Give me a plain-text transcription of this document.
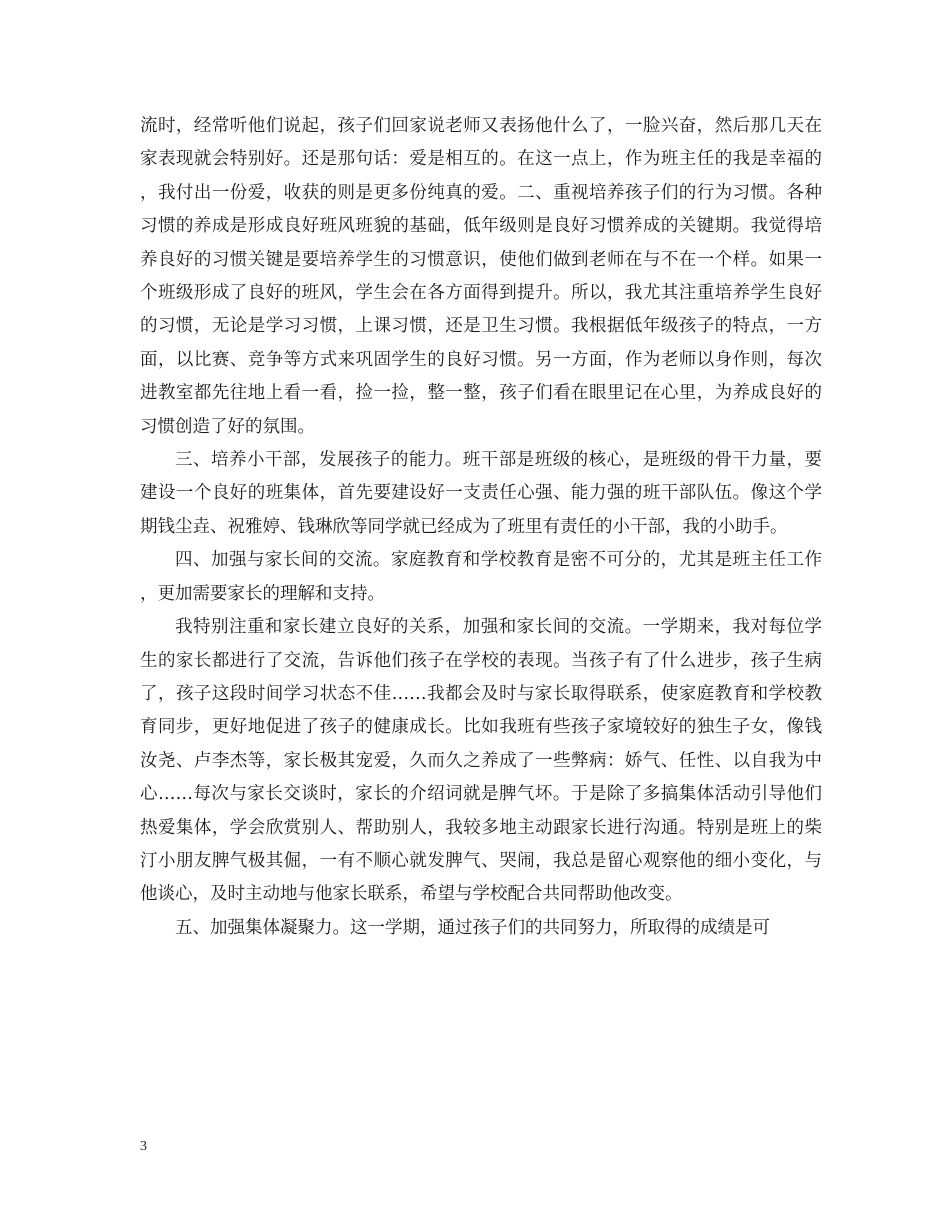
流时，经常听他们说起，孩子们回家说老师又表扬他什么了，一脸兴奋，然后那几天在家表现就会特别好。还是那句话：爱是相互的。在这一点上，作为班主任的我是幸福的，我付出一份爱，收获的则是更多份纯真的爱。二、重视培养孩子们的行为习惯。各种习惯的养成是形成良好班风班貌的基础，低年级则是良好习惯养成的关键期。我觉得培养良好的习惯关键是要培养学生的习惯意识，使他们做到老师在与不在一个样。如果一个班级形成了良好的班风，学生会在各方面得到提升。所以，我尤其注重培养学生良好的习惯，无论是学习习惯，上课习惯，还是卫生习惯。我根据低年级孩子的特点，一方面，以比赛、竞争等方式来巩固学生的良好习惯。另一方面，作为老师以身作则，每次进教室都先往地上看一看，捡一捡，整一整，孩子们看在眼里记在心里，为养成良好的习惯创造了好的氛围。

三、培养小干部，发展孩子的能力。班干部是班级的核心，是班级的骨干力量，要建设一个良好的班集体，首先要建设好一支责任心强、能力强的班干部队伍。像这个学期钱尘垚、祝雅婷、钱琳欣等同学就已经成为了班里有责任的小干部，我的小助手。

四、加强与家长间的交流。家庭教育和学校教育是密不可分的，尤其是班主任工作，更加需要家长的理解和支持。

我特别注重和家长建立良好的关系，加强和家长间的交流。一学期来，我对每位学生的家长都进行了交流，告诉他们孩子在学校的表现。当孩子有了什么进步，孩子生病了，孩子这段时间学习状态不佳……我都会及时与家长取得联系，使家庭教育和学校教育同步，更好地促进了孩子的健康成长。比如我班有些孩子家境较好的独生子女，像钱汝尧、卢李杰等，家长极其宠爱，久而久之养成了一些弊病：娇气、任性、以自我为中心……每次与家长交谈时，家长的介绍词就是脾气坏。于是除了多搞集体活动引导他们热爱集体，学会欣赏别人、帮助别人，我较多地主动跟家长进行沟通。特别是班上的柴汀小朋友脾气极其倔，一有不顺心就发脾气、哭闹，我总是留心观察他的细小变化，与他谈心，及时主动地与他家长联系，希望与学校配合共同帮助他改变。

五、加强集体凝聚力。这一学期，通过孩子们的共同努力，所取得的成绩是可

3
